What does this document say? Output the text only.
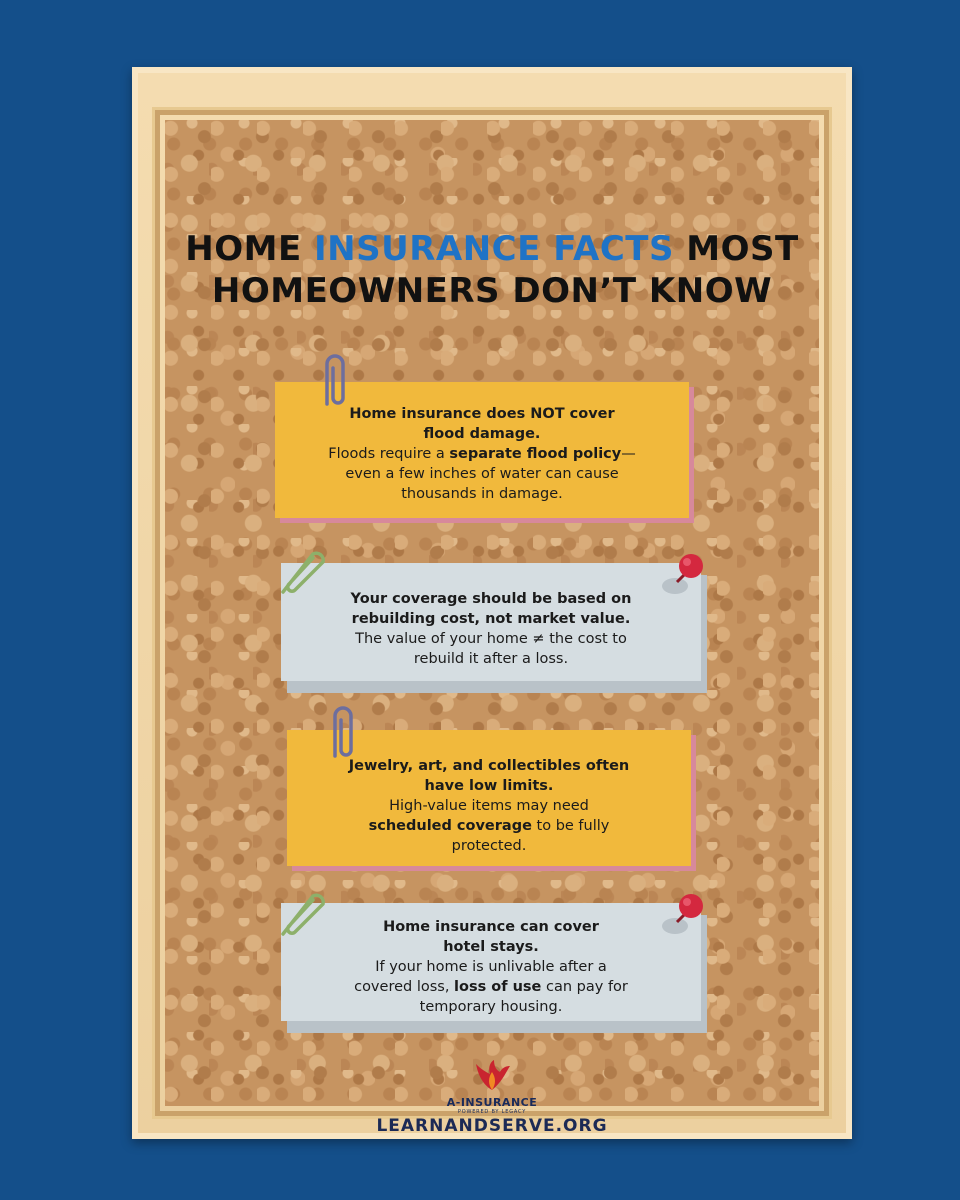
HOME INSURANCE FACTS MOST
HOMEOWNERS DON’T KNOW
Home insurance does NOT cover flood damage.
Floods require a separate flood policy—even a few inches of water can cause thousands in damage.
Your coverage should be based on rebuilding cost, not market value.
The value of your home ≠ the cost to rebuild it after a loss.
Jewelry, art, and collectibles often have low limits.
High-value items may need scheduled coverage to be fully protected.
Home insurance can cover hotel stays.
If your home is unlivable after a covered loss, loss of use can pay for temporary housing.
A-INSURANCE
POWERED BY LEGACY
LEARNANDSERVE.ORG
